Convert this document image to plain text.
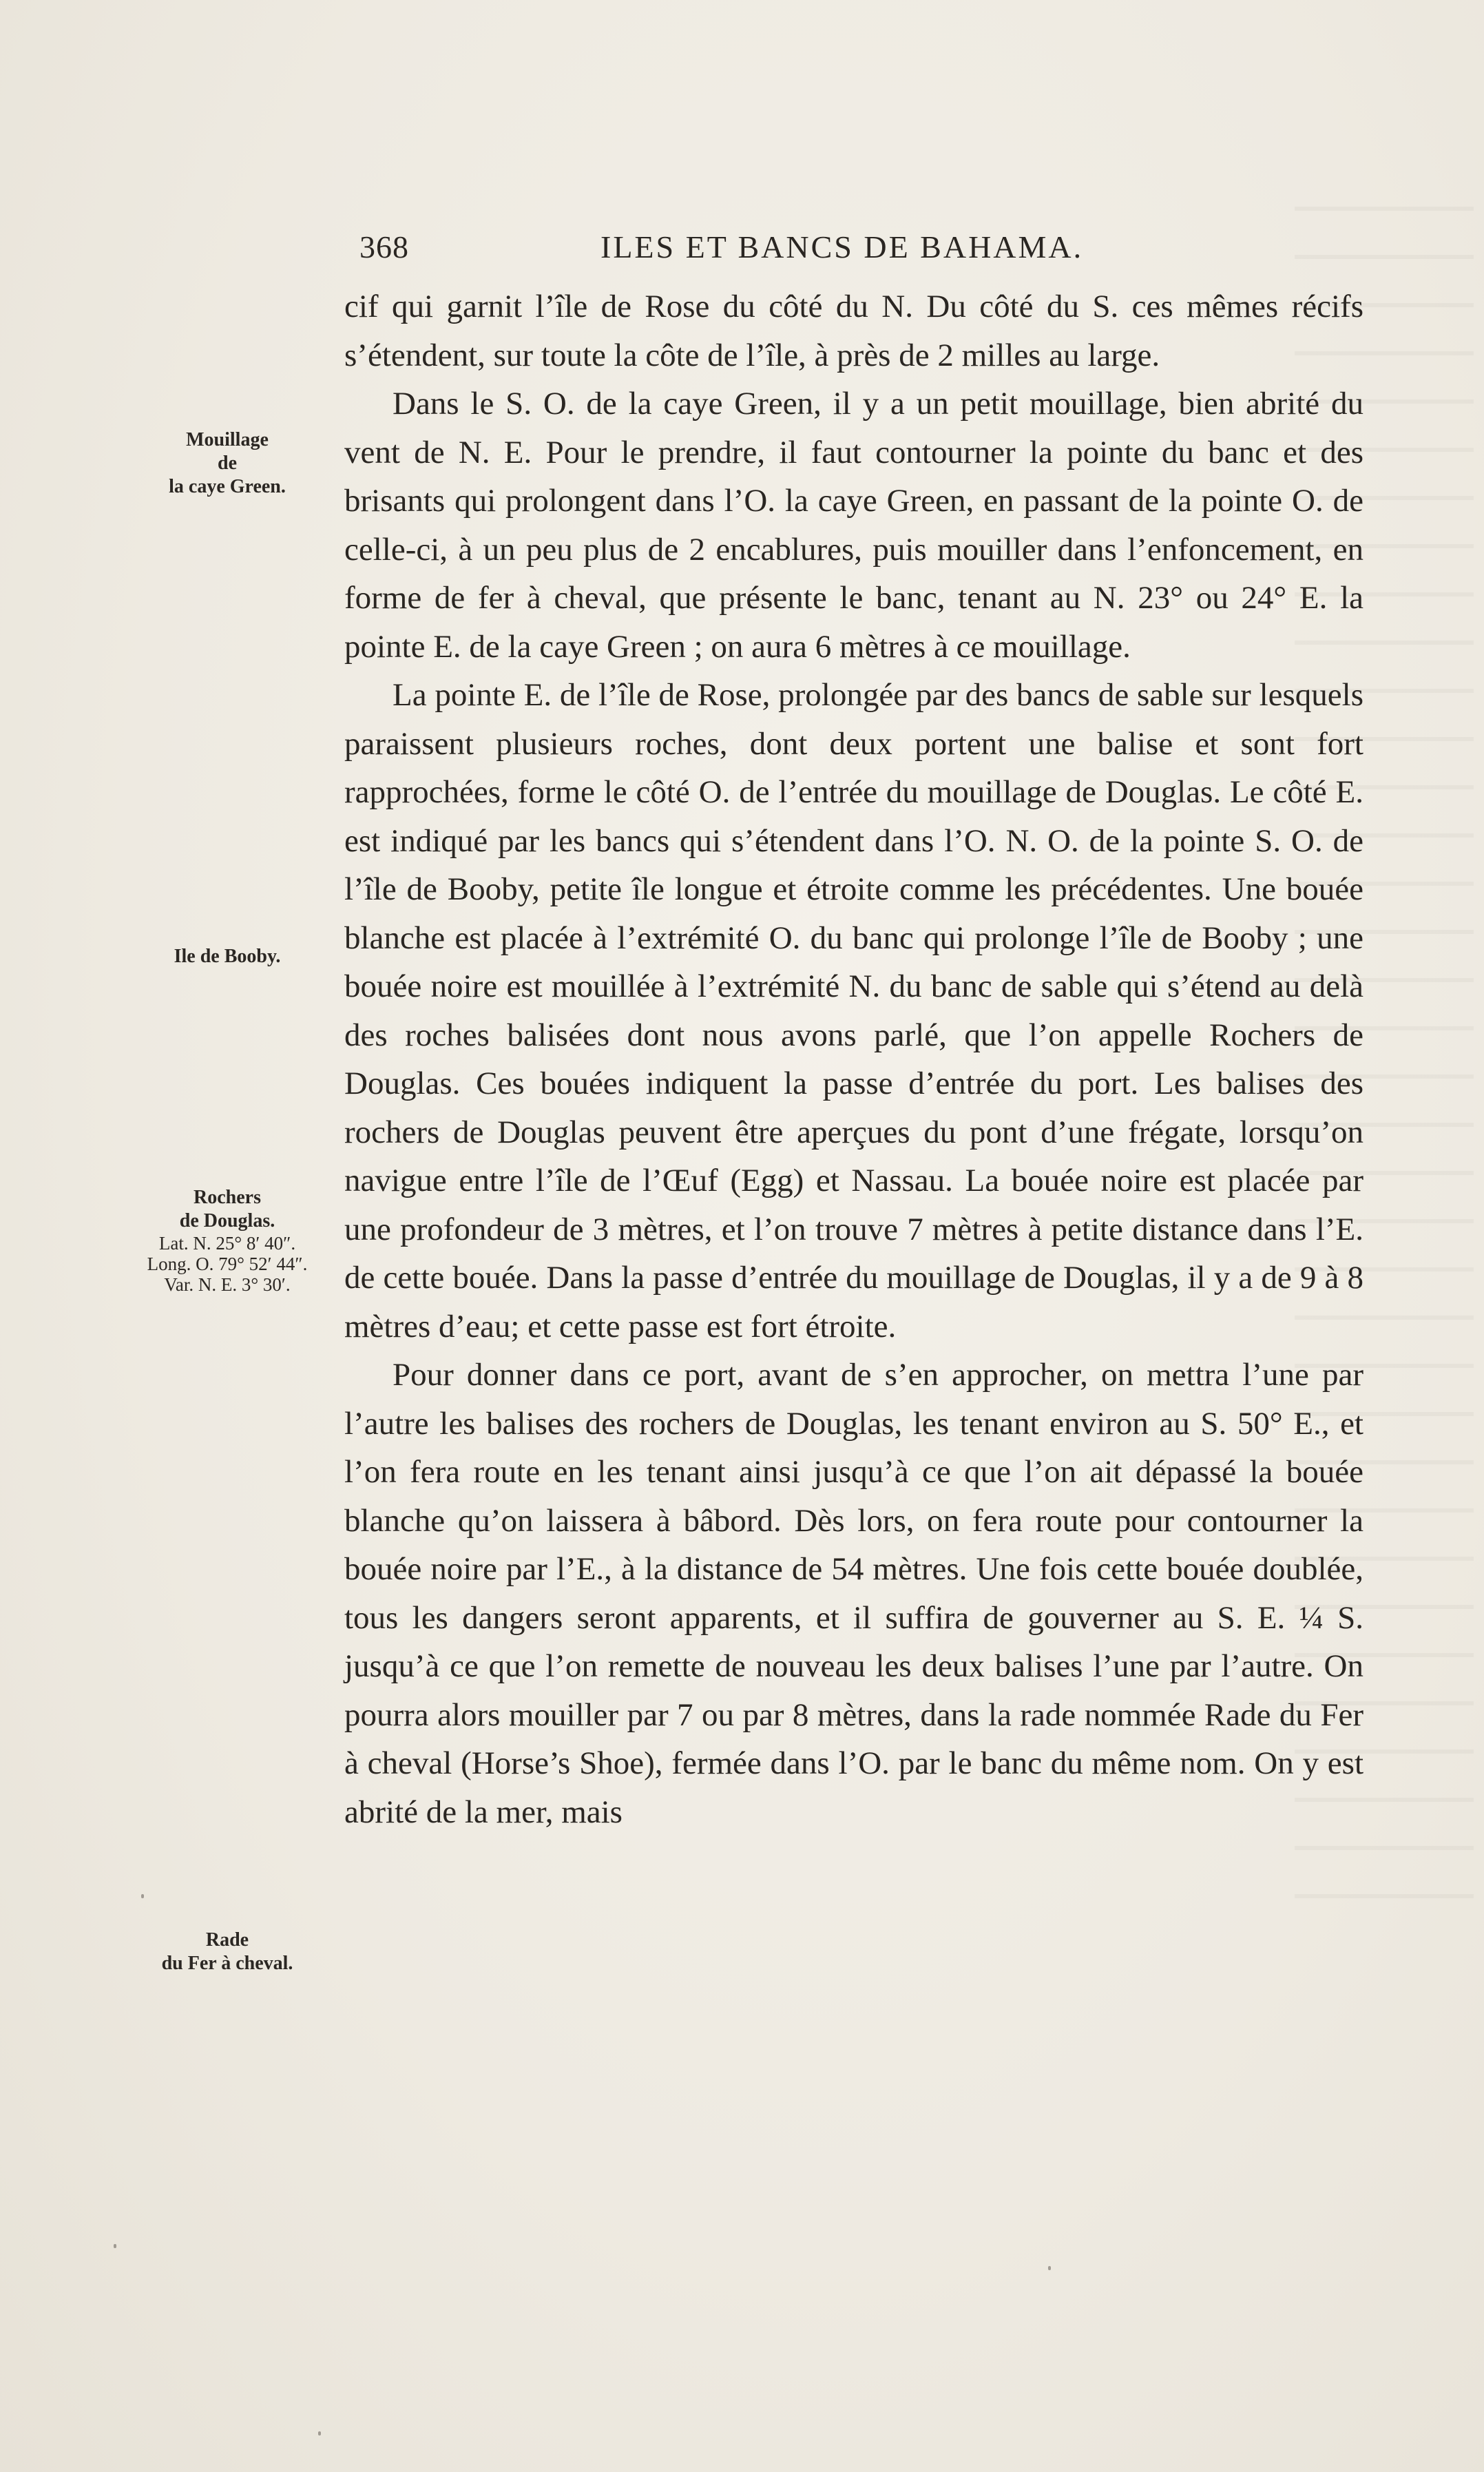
368	ILES ET BANCS DE BAHAMA.

cif qui garnit l’île de Rose du côté du N. Du côté du S. ces mêmes récifs s’étendent, sur toute la côte de l’île, à près de 2 milles au large.

Dans le S. O. de la caye Green, il y a un petit mouillage, bien abrité du vent de N. E. Pour le prendre, il faut contourner la pointe du banc et des brisants qui prolongent dans l’O. la caye Green, en passant de la pointe O. de celle-ci, à un peu plus de 2 encablures, puis mouiller dans l’enfoncement, en forme de fer à cheval, que présente le banc, tenant au N. 23° ou 24° E. la pointe E. de la caye Green ; on aura 6 mètres à ce mouillage.

La pointe E. de l’île de Rose, prolongée par des bancs de sable sur lesquels paraissent plusieurs roches, dont deux portent une balise et sont fort rapprochées, forme le côté O. de l’entrée du mouillage de Douglas. Le côté E. est indiqué par les bancs qui s’étendent dans l’O. N. O. de la pointe S. O. de l’île de Booby, petite île longue et étroite comme les précédentes. Une bouée blanche est placée à l’extrémité O. du banc qui prolonge l’île de Booby ; une bouée noire est mouillée à l’extrémité N. du banc de sable qui s’étend au delà des roches balisées dont nous avons parlé, que l’on appelle Rochers de Douglas. Ces bouées indiquent la passe d’entrée du port. Les balises des rochers de Douglas peuvent être aperçues du pont d’une frégate, lorsqu’on navigue entre l’île de l’Œuf (Egg) et Nassau. La bouée noire est placée par une profondeur de 3 mètres, et l’on trouve 7 mètres à petite distance dans l’E. de cette bouée. Dans la passe d’entrée du mouillage de Douglas, il y a de 9 à 8 mètres d’eau; et cette passe est fort étroite.

Pour donner dans ce port, avant de s’en approcher, on mettra l’une par l’autre les balises des rochers de Douglas, les tenant environ au S. 50° E., et l’on fera route en les tenant ainsi jusqu’à ce que l’on ait dépassé la bouée blanche qu’on laissera à bâbord. Dès lors, on fera route pour contourner la bouée noire par l’E., à la distance de 54 mètres. Une fois cette bouée doublée, tous les dangers seront apparents, et il suffira de gouverner au S. E. ¼ S. jusqu’à ce que l’on remette de nouveau les deux balises l’une par l’autre. On pourra alors mouiller par 7 ou par 8 mètres, dans la rade nommée Rade du Fer à cheval (Horse’s Shoe), fermée dans l’O. par le banc du même nom. On y est abrité de la mer, mais

Mouillage
de
la caye Green.
Ile de Booby.
Rochers
de Douglas.
Lat. N. 25° 8′ 40″.
Long. O. 79° 52′ 44″.
Var. N. E. 3° 30′.
Rade
du Fer à cheval.
